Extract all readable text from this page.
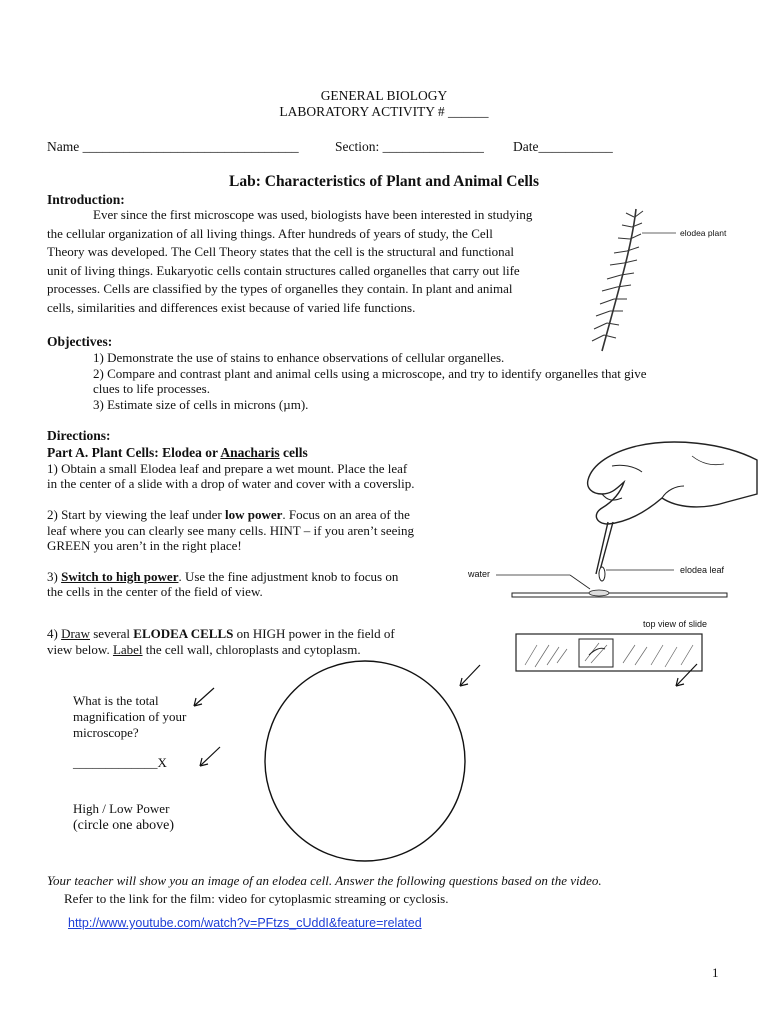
GENERAL BIOLOGY
LABORATORY ACTIVITY # ______
Name ________________________________	Section: _______________ Date___________
Lab: Characteristics of Plant and Animal Cells
Introduction:
Ever since the first microscope was used, biologists have been interested in studying
the cellular organization of all living things. After hundreds of years of study, the Cell
Theory was developed. The Cell Theory states that the cell is the structural and functional
unit of living things. Eukaryotic cells contain structures called organelles that carry out life
processes. Cells are classified by the types of organelles they contain. In plant and animal
cells, similarities and differences exist because of varied life functions.
elodea plant
Objectives:
1) Demonstrate the use of stains to enhance observations of cellular organelles.
2) Compare and contrast plant and animal cells using a microscope, and try to identify organelles that give
clues to life processes.
3) Estimate size of cells in microns (µm).
Directions:
Part A. Plant Cells: Elodea or Anacharis cells
1) Obtain a small Elodea leaf and prepare a wet mount. Place the leaf
in the center of a slide with a drop of water and cover with a coverslip.
2) Start by viewing the leaf under low power. Focus on an area of the
leaf where you can clearly see many cells. HINT – if you aren’t seeing
GREEN you aren’t in the right place!
3) Switch to high power. Use the fine adjustment knob to focus on
the cells in the center of the field of view.
4) Draw several ELODEA CELLS on HIGH power in the field of
view below. Label the cell wall, chloroplasts and cytoplasm.
water	elodea leaf
top view of slide
What is the total
magnification of your
microscope?
_____________X
High / Low Power
(circle one above)
Your teacher will show you an image of an elodea cell. Answer the following questions based on the video.
Refer to the link for the film: video for cytoplasmic streaming or cyclosis.
http://www.youtube.com/watch?v=PFtzs_cUddI&feature=related
1
